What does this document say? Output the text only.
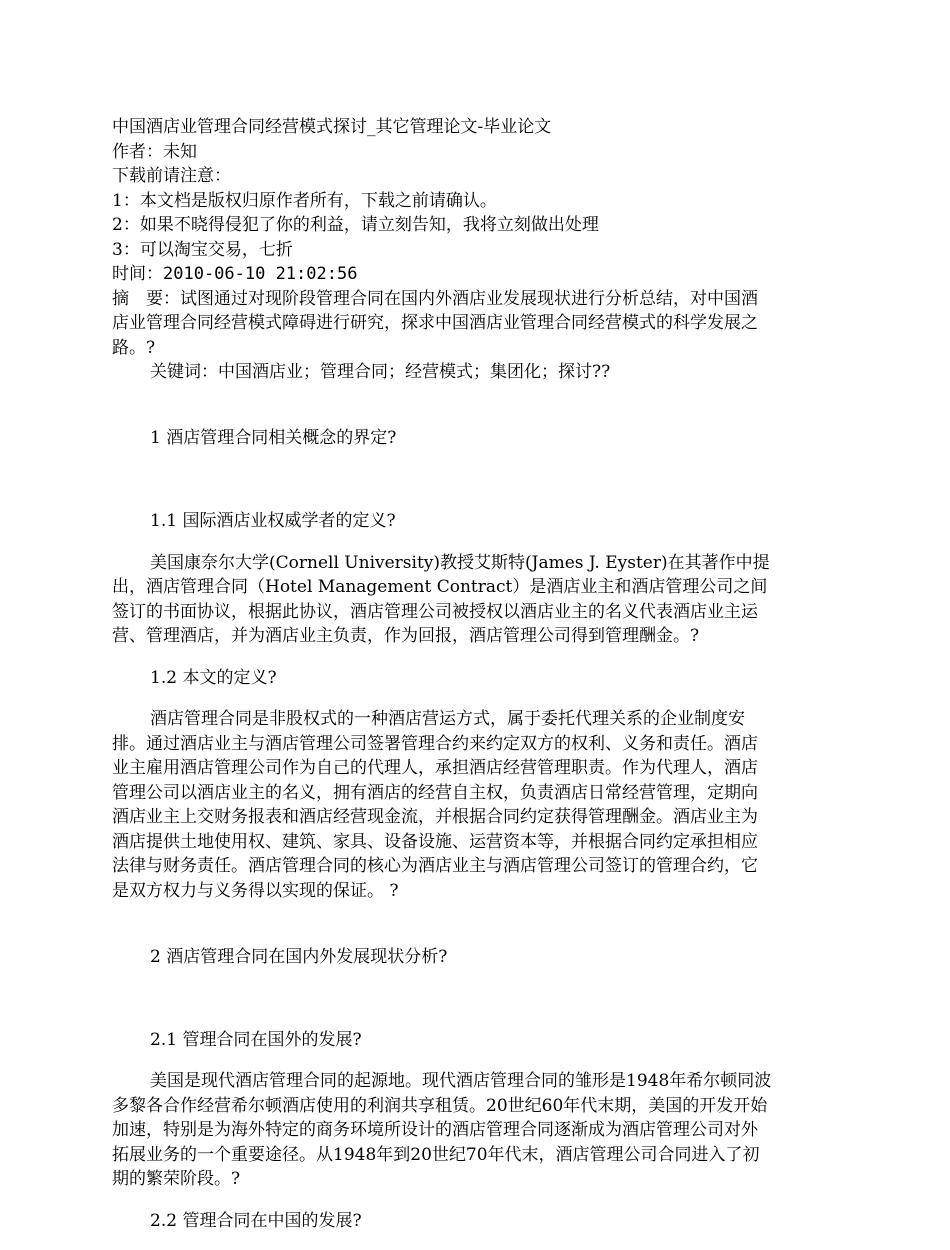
中国酒店业管理合同经营模式探讨_其它管理论文-毕业论文

作者：未知

下载前请注意：

1：本文档是版权归原作者所有，下载之前请确认。

2：如果不晓得侵犯了你的利益，请立刻告知，我将立刻做出处理

3：可以淘宝交易，七折

时间：2010-06-10 21:02:56

摘　要：试图通过对现阶段管理合同在国内外酒店业发展现状进行分析总结，对中国酒店业管理合同经营模式障碍进行研究，探求中国酒店业管理合同经营模式的科学发展之路。?

关键词：中国酒店业；管理合同；经营模式；集团化；探讨??

1 酒店管理合同相关概念的界定?

1.1 国际酒店业权威学者的定义?

美国康奈尔大学(Cornell University)教授艾斯特(James J. Eyster)在其著作中提出，酒店管理合同（Hotel Management Contract）是酒店业主和酒店管理公司之间签订的书面协议，根据此协议，酒店管理公司被授权以酒店业主的名义代表酒店业主运营、管理酒店，并为酒店业主负责，作为回报，酒店管理公司得到管理酬金。?

1.2 本文的定义?

酒店管理合同是非股权式的一种酒店营运方式，属于委托代理关系的企业制度安排。通过酒店业主与酒店管理公司签署管理合约来约定双方的权利、义务和责任。酒店业主雇用酒店管理公司作为自己的代理人，承担酒店经营管理职责。作为代理人，酒店管理公司以酒店业主的名义，拥有酒店的经营自主权，负责酒店日常经营管理，定期向酒店业主上交财务报表和酒店经营现金流，并根据合同约定获得管理酬金。酒店业主为酒店提供土地使用权、建筑、家具、设备设施、运营资本等，并根据合同约定承担相应法律与财务责任。酒店管理合同的核心为酒店业主与酒店管理公司签订的管理合约，它是双方权力与义务得以实现的保证。 ?

2 酒店管理合同在国内外发展现状分析?

2.1 管理合同在国外的发展?

美国是现代酒店管理合同的起源地。现代酒店管理合同的雏形是1948年希尔顿同波多黎各合作经营希尔顿酒店使用的利润共享租赁。20世纪60年代末期，美国的开发开始加速，特别是为海外特定的商务环境所设计的酒店管理合同逐渐成为酒店管理公司对外拓展业务的一个重要途径。从1948年到20世纪70年代末，酒店管理公司合同进入了初期的繁荣阶段。?

2.2 管理合同在中国的发展?
